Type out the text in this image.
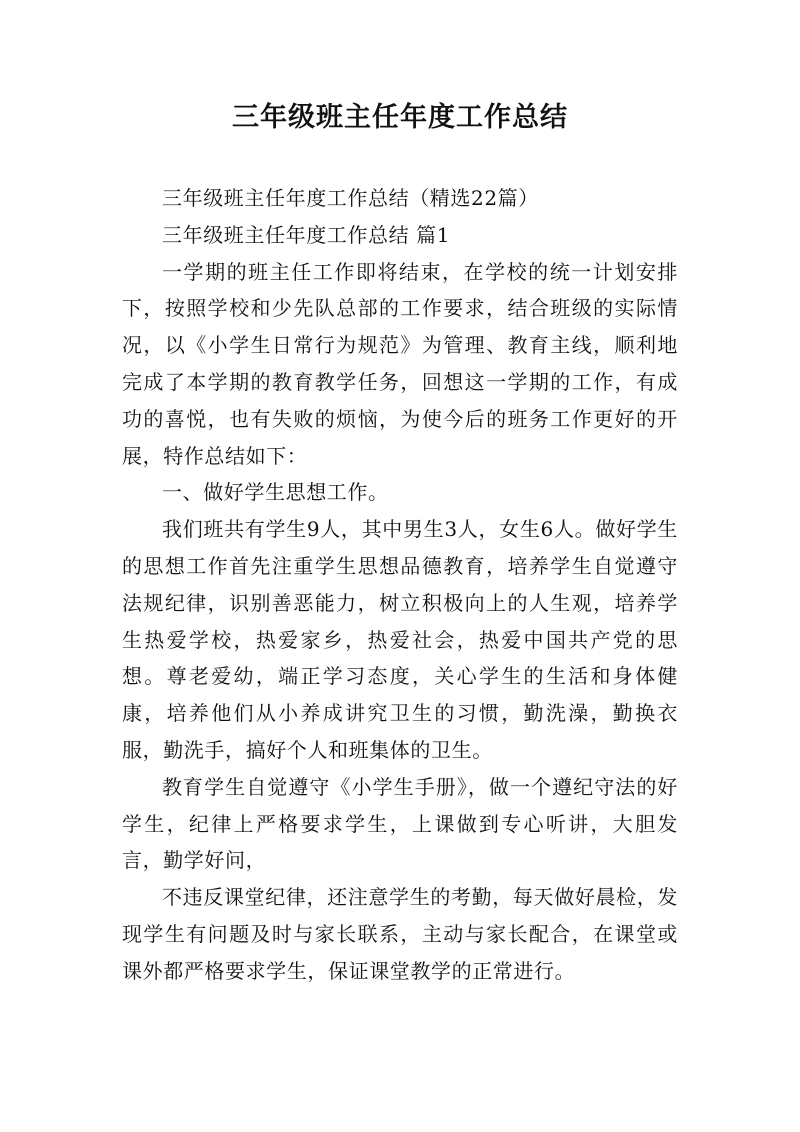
三年级班主任年度工作总结

三年级班主任年度工作总结（精选22篇）

三年级班主任年度工作总结 篇1

一学期的班主任工作即将结束，在学校的统一计划安排下，按照学校和少先队总部的工作要求，结合班级的实际情况，以《小学生日常行为规范》为管理、教育主线，顺利地完成了本学期的教育教学任务，回想这一学期的工作，有成功的喜悦，也有失败的烦恼，为使今后的班务工作更好的开展，特作总结如下：

一、做好学生思想工作。

我们班共有学生9人，其中男生3人，女生6人。做好学生的思想工作首先注重学生思想品德教育，培养学生自觉遵守法规纪律，识别善恶能力，树立积极向上的人生观，培养学生热爱学校，热爱家乡，热爱社会，热爱中国共产党的思想。尊老爱幼，端正学习态度，关心学生的生活和身体健康，培养他们从小养成讲究卫生的习惯，勤洗澡，勤换衣服，勤洗手，搞好个人和班集体的卫生。

教育学生自觉遵守《小学生手册》，做一个遵纪守法的好学生，纪律上严格要求学生，上课做到专心听讲，大胆发言，勤学好问，

不违反课堂纪律，还注意学生的考勤，每天做好晨检，发现学生有问题及时与家长联系，主动与家长配合，在课堂或课外都严格要求学生，保证课堂教学的正常进行。
